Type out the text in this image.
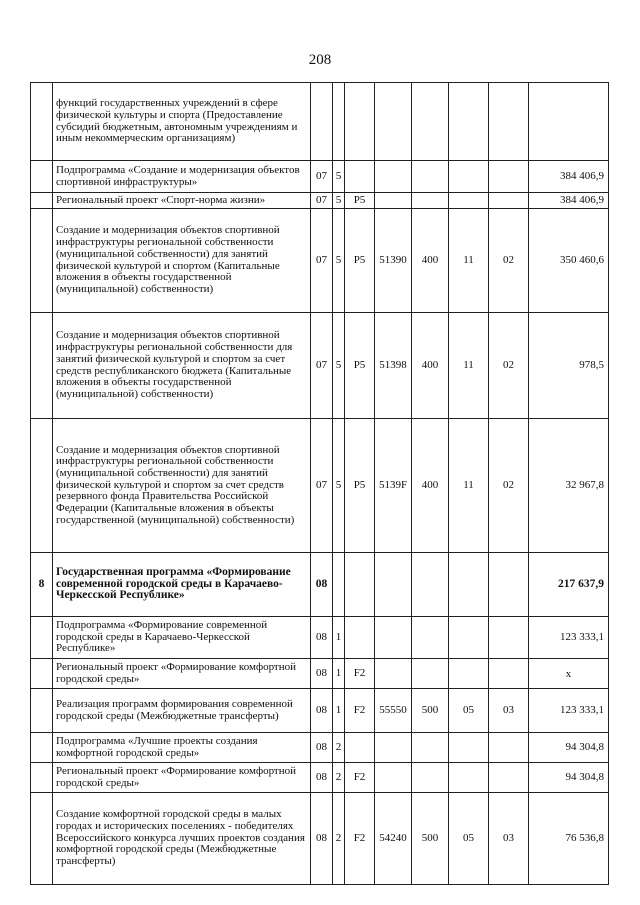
208
	функций государственных учреждений в сфере физической культуры и спорта (Предоставление субсидий бюджетным, автономным учреждениям и иным некоммерческим организациям)								
	Подпрограмма «Создание и модернизация объектов спортивной инфраструктуры»	07	5						384 406,9
	Региональный проект «Спорт-норма жизни»	07	5	P5					384 406,9
	Создание и модернизация объектов спортивной инфраструктуры региональной собственности (муниципальной собственности) для занятий физической культурой и спортом (Капитальные вложения в объекты государственной (муниципальной) собственности)	07	5	P5	51390	400	11	02	350 460,6
	Создание и модернизация объектов спортивной инфраструктуры региональной собственности для занятий физической культурой и спортом за счет средств республиканского бюджета (Капитальные вложения в объекты государственной (муниципальной) собственности)	07	5	P5	51398	400	11	02	978,5
	Создание и модернизация объектов спортивной инфраструктуры региональной собственности (муниципальной собственности) для занятий физической культурой и спортом за счет средств резервного фонда Правительства Российской Федерации (Капитальные вложения в объекты государственной (муниципальной) собственности)	07	5	P5	5139F	400	11	02	32 967,8
8	Государственная программа «Формирование современной городской среды в Карачаево-Черкесской Республике»	08							217 637,9
	Подпрограмма «Формирование современной городской среды в Карачаево-Черкесской Республике»	08	1						123 333,1
	Региональный проект «Формирование комфортной городской среды»	08	1	F2					х
	Реализация программ формирования современной городской среды (Межбюджетные трансферты)	08	1	F2	55550	500	05	03	123 333,1
	Подпрограмма «Лучшие проекты создания комфортной городской среды»	08	2						94 304,8
	Региональный проект «Формирование комфортной городской среды»	08	2	F2					94 304,8
	Создание комфортной городской среды в малых городах и исторических поселениях - победителях Всероссийского конкурса лучших проектов создания комфортной городской среды (Межбюджетные трансферты)	08	2	F2	54240	500	05	03	76 536,8
